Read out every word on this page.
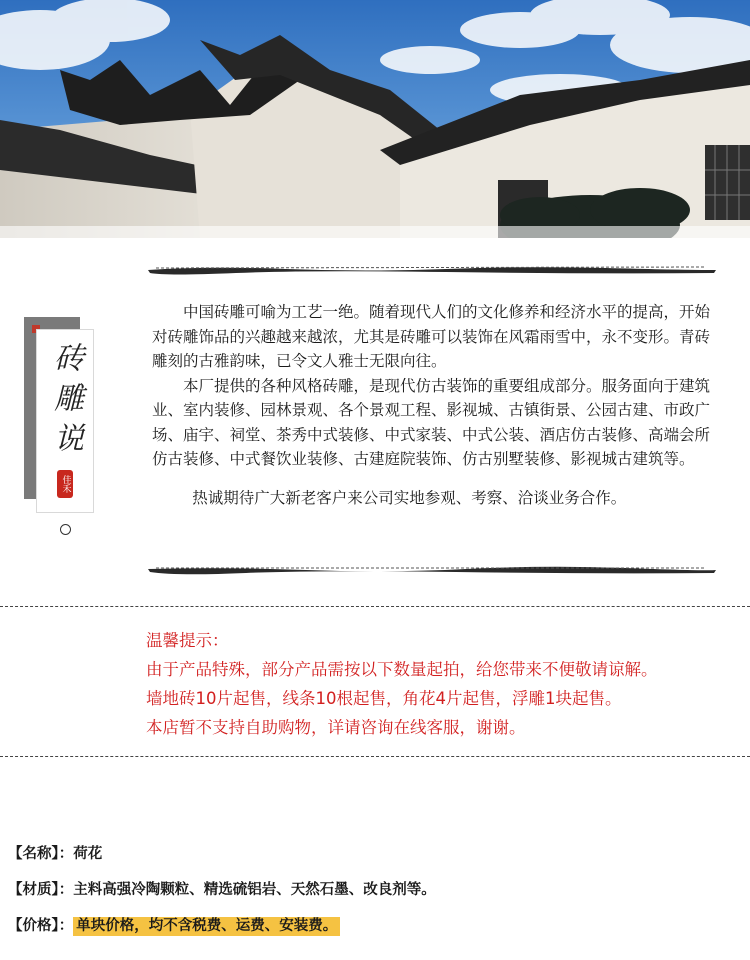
砖雕说
佳禾

中国砖雕可喻为工艺一绝。随着现代人们的文化修养和经济水平的提高，开始对砖雕饰品的兴趣越来越浓，尤其是砖雕可以装饰在风霜雨雪中，永不变形。青砖雕刻的古雅韵味，已令文人雅士无限向往。

本厂提供的各种风格砖雕，是现代仿古装饰的重要组成部分。服务面向于建筑业、室内装修、园林景观、各个景观工程、影视城、古镇街景、公园古建、市政广场、庙宇、祠堂、茶秀中式装修、中式家装、中式公装、酒店仿古装修、高端会所仿古装修、中式餐饮业装修、古建庭院装饰、仿古别墅装修、影视城古建筑等。

热诚期待广大新老客户来公司实地参观、考察、洽谈业务合作。

温馨提示：
由于产品特殊，部分产品需按以下数量起拍，给您带来不便敬请谅解。
墙地砖10片起售，线条10根起售，角花4片起售，浮雕1块起售。
本店暂不支持自助购物，详请咨询在线客服，谢谢。
【名称】：荷花
【材质】：主料高强冷陶颗粒、精选硫铝岩、天然石墨、改良剂等。
【价格】： 单块价格，均不含税费、运费、安装费。
